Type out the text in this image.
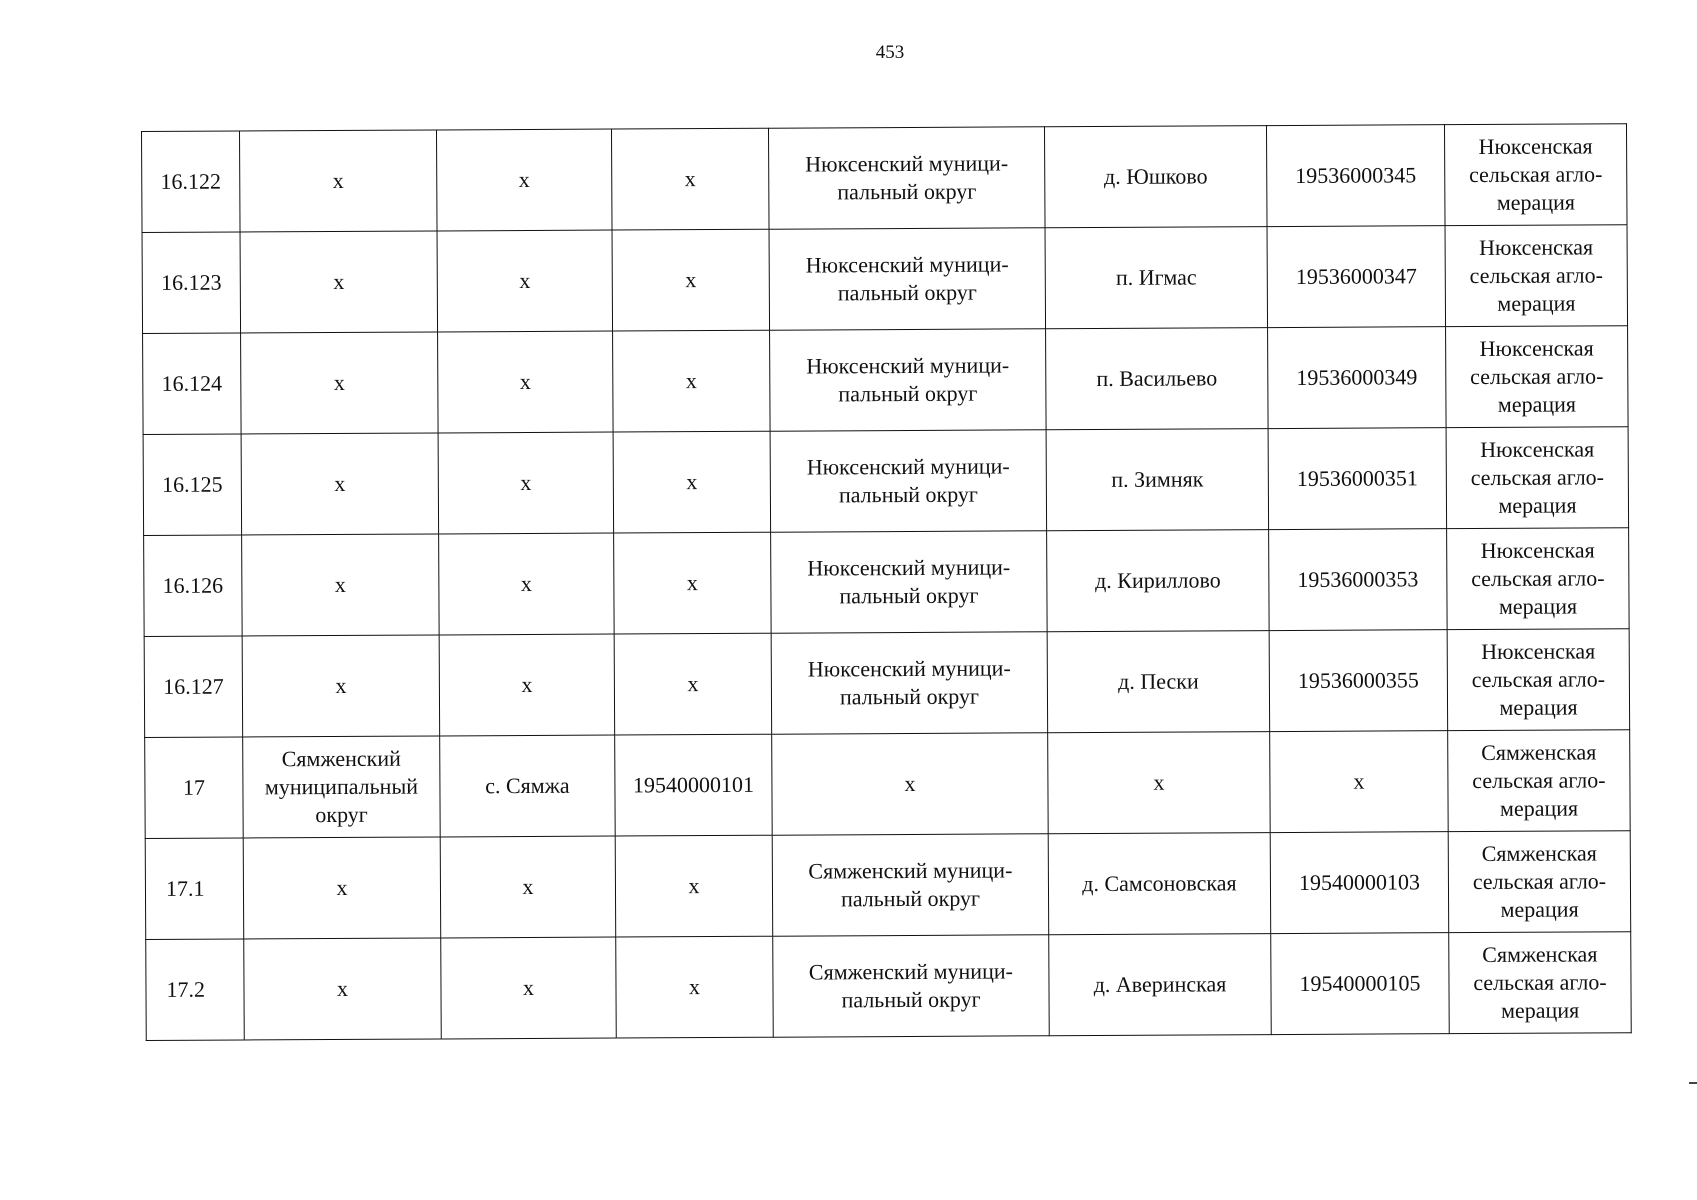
453
16.122	х	х	х	Нюксенский муници-
пальный округ	д. Юшково	19536000345	Нюксенская
сельская агло-
мерация
16.123	х	х	х	Нюксенский муници-
пальный округ	п. Игмас	19536000347	Нюксенская
сельская агло-
мерация
16.124	х	х	х	Нюксенский муници-
пальный округ	п. Васильево	19536000349	Нюксенская
сельская агло-
мерация
16.125	х	х	х	Нюксенский муници-
пальный округ	п. Зимняк	19536000351	Нюксенская
сельская агло-
мерация
16.126	х	х	х	Нюксенский муници-
пальный округ	д. Кириллово	19536000353	Нюксенская
сельская агло-
мерация
16.127	х	х	х	Нюксенский муници-
пальный округ	д. Пески	19536000355	Нюксенская
сельская агло-
мерация
17	Сямженский
муниципальный
округ	с. Сямжа	19540000101	х	х	х	Сямженская
сельская агло-
мерация
17.1	х	х	х	Сямженский муници-
пальный округ	д. Самсоновская	19540000103	Сямженская
сельская агло-
мерация
17.2	х	х	х	Сямженский муници-
пальный округ	д. Аверинская	19540000105	Сямженская
сельская агло-
мерация
